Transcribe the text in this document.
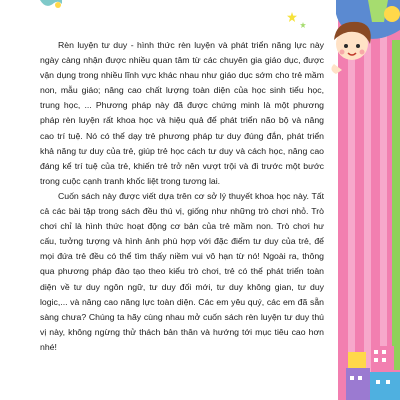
Rèn luyện tư duy - hình thức rèn luyện và phát triển năng lực này ngày càng nhận được nhiều quan tâm từ các chuyên gia giáo dục, được vận dụng trong nhiều lĩnh vực khác nhau như giáo dục sớm cho trẻ mầm non, mẫu giáo; nâng cao chất lượng toàn diện của học sinh tiểu học, trung học, ... Phương pháp này đã được chứng minh là một phương pháp rèn luyện rất khoa học và hiệu quả để phát triển não bộ và nâng cao trí tuệ. Nó có thể dạy trẻ phương pháp tư duy đúng đắn, phát triển khả năng tư duy của trẻ, giúp trẻ học cách tư duy và cách học, nâng cao đáng kể trí tuệ của trẻ, khiến trẻ trở nên vượt trội và đi trước một bước trong cuộc cạnh tranh khốc liệt trong tương lai.

Cuốn sách này được viết dựa trên cơ sở lý thuyết khoa học này. Tất cả các bài tập trong sách đều thú vị, giống như những trò chơi nhỏ. Trò chơi chỉ là hình thức hoạt động cơ bản của trẻ mầm non. Trò chơi hư cấu, tưởng tượng và hình ảnh phù hợp với đặc điểm tư duy của trẻ, để mọi đứa trẻ đều có thể tìm thấy niềm vui vô hạn từ nó! Ngoài ra, thông qua phương pháp đào tạo theo kiểu trò chơi, trẻ có thể phát triển toàn diện về tư duy ngôn ngữ, tư duy đối mới, tư duy không gian, tư duy logic,... và nâng cao năng lực toàn diện. Các em yêu quý, các em đã sẵn sàng chưa? Chúng ta hãy cùng nhau mở cuốn sách rèn luyện tư duy thú vị này, không ngừng thử thách bản thân và hướng tới mục tiêu cao hơn nhé!
